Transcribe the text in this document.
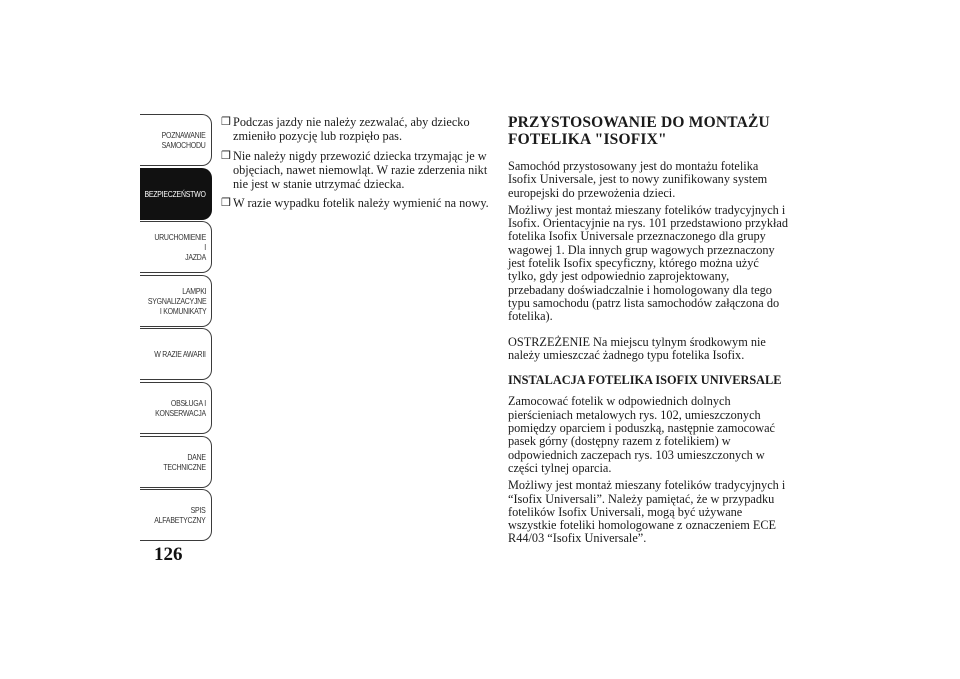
POZNAWANIE
SAMOCHODU
BEZPIECZEŃSTWO
URUCHOMIENIE I
JAZDA
LAMPKI
SYGNALIZACYJNE
I KOMUNIKATY
W RAZIE AWARII
OBSŁUGA I
KONSERWACJA
DANE
TECHNICZNE
SPIS
ALFABETYCZNY
126
❒ Podczas jazdy nie należy zezwalać, aby dziecko zmieniło pozycję lub rozpięło pas.
❒ Nie należy nigdy przewozić dziecka trzymając je w objęciach, nawet niemowląt. W razie zderzenia nikt nie jest w stanie utrzymać dziecka.
❒ W razie wypadku fotelik należy wymienić na nowy.
PRZYSTOSOWANIE DO MONTAŻU FOTELIKA "ISOFIX"

Samochód przystosowany jest do montażu fotelika Isofix Universale, jest to nowy zunifikowany system europejski do przewożenia dzieci.

Możliwy jest montaż mieszany fotelików tradycyjnych i Isofix. Orientacyjnie na rys. 101 przedstawiono przykład fotelika Isofix Universale przeznaczonego dla grupy wagowej 1. Dla innych grup wagowych przeznaczony jest fotelik Isofix specyficzny, którego można użyć tylko, gdy jest odpowiednio zaprojektowany, przebadany doświadczalnie i homologowany dla tego typu samochodu (patrz lista samochodów załączona do fotelika).

OSTRZEŻENIE Na miejscu tylnym środkowym nie należy umieszczać żadnego typu fotelika Isofix.

INSTALACJA FOTELIKA ISOFIX UNIVERSALE

Zamocować fotelik w odpowiednich dolnych pierścieniach metalowych rys. 102, umieszczonych pomiędzy oparciem i poduszką, następnie zamocować pasek górny (dostępny razem z fotelikiem) w odpowiednich zaczepach rys. 103 umieszczonych w części tylnej oparcia.

Możliwy jest montaż mieszany fotelików tradycyjnych i “Isofix Universali”. Należy pamiętać, że w przypadku fotelików Isofix Universali, mogą być używane wszystkie foteliki homologowane z oznaczeniem ECE R44/03 “Isofix Universale”.
